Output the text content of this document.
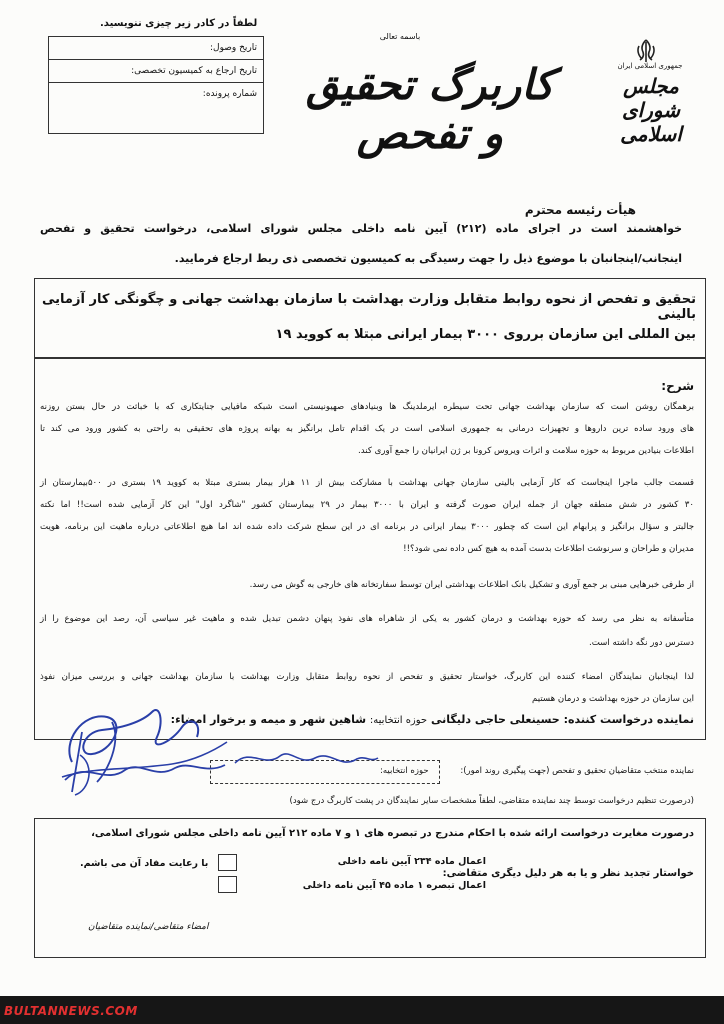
لطفاً در کادر زیر چیزی ننویسید.
تاریخ وصول:
تاریخ ارجاع به کمیسیون تخصصی:
شماره پرونده:
باسمه تعالی
کاربرگ تحقیق و تفحص
جمهوری اسلامی ایران
مجلس شورای اسلامی
هیأت رئیسه محترم
خواهشمند است در اجرای ماده (۲۱۲) آیین نامه داخلی مجلس شورای اسلامی، درخواست تحقیق و تفحص
اینجانب/اینجانبان با موضوع ذیل را جهت رسیدگی به کمیسیون تخصصی ذی ربط ارجاع فرمایید.
تحقیق و تفحص از نحوه روابط متقابل وزارت بهداشت با سازمان بهداشت جهانی و چگونگی کار آزمایی بالینی
بین المللی این سازمان برروی ۳۰۰۰ بیمار ایرانی مبتلا به کووید ۱۹
شرح:
برهمگان روشن است که سازمان بهداشت جهانی تحت سیطره ایرملدینگ ها وبنیادهای صهیونیستی است شبکه مافیایی جنایتکاری که با خباثت در حال بستن روزنه
های ورود ساده ترین داروها و تجهیزات درمانی به جمهوری اسلامی است در یک اقدام تامل برانگیز به بهانه پروژه های تحقیقی به راحتی به کشور ورود می کند تا
اطلاعات بنیادین مربوط به حوزه سلامت و اثرات ویروس کرونا بر ژن ایرانیان را جمع آوری کند.
قسمت جالب ماجرا اینجاست که کار آزمایی بالینی سازمان جهانی بهداشت با مشارکت بیش از ۱۱ هزار بیمار بستری مبتلا به کووید ۱۹ بستری در ۵۰۰بیمارستان از
۳۰ کشور در شش منطقه جهان از جمله ایران صورت گرفته و ایران با ۳۰۰۰ بیمار در ۲۹ بیمارستان کشور "شاگرد اول" این کار آزمایی شده است!! اما نکته
جالبتر و سؤال برانگیز و پرابهام این است که چطور ۳۰۰۰ بیمار ایرانی در برنامه ای در این سطح شرکت داده شده اند اما هیچ اطلاعاتی درباره ماهیت این برنامه، هویت
مدیران و طراحان و سرنوشت اطلاعات بدست آمده به هیچ کس داده نمی شود؟!!
از طرفی خبرهایی مبنی بر جمع آوری و تشکیل بانک اطلاعات بهداشتی ایران توسط سفارتخانه های خارجی به گوش می رسد.
متأسفانه به نظر می رسد که حوزه بهداشت و درمان کشور به یکی از شاهراه های نفوذ پنهان دشمن تبدیل شده و ماهیت غیر سیاسی آن، رصد این موضوع را از
دسترس دور نگه داشته است.
لذا اینجانبان نمایندگان امضاء کننده این کاربرگ، خواستار تحقیق و تفحص از نحوه روابط متقابل وزارت بهداشت با سازمان بهداشت جهانی و بررسی میزان نفوذ
این سازمان در حوزه بهداشت و درمان هستیم
نماینده درخواست کننده: حسینعلی حاجی دلیگانی حوزه انتخابیه: شاهین شهر و میمه و برخوار امضاء:
نماینده منتخب متقاضیان تحقیق و تفحص (جهت پیگیری روند امور):
حوزه انتخابیه:
(درصورت تنظیم درخواست توسط چند نماینده متقاضی، لطفاً مشخصات سایر نمایندگان در پشت کاربرگ درج شود)
درصورت مغایرت درخواست ارائه شده با احکام مندرج در تبصره های ۱ و ۷ ماده ۲۱۲ آیین نامه داخلی مجلس شورای اسلامی،
خواستار تجدید نظر و یا به هر دلیل دیگری متقاضی:
اعمال ماده ۲۳۴ آیین نامه داخلی
اعمال تبصره ۱ ماده ۴۵ آیین نامه داخلی
با رعایت مفاد آن می باشم.
امضاء متقاضی/نماینده متقاضیان
BULTANNEWS.COM
